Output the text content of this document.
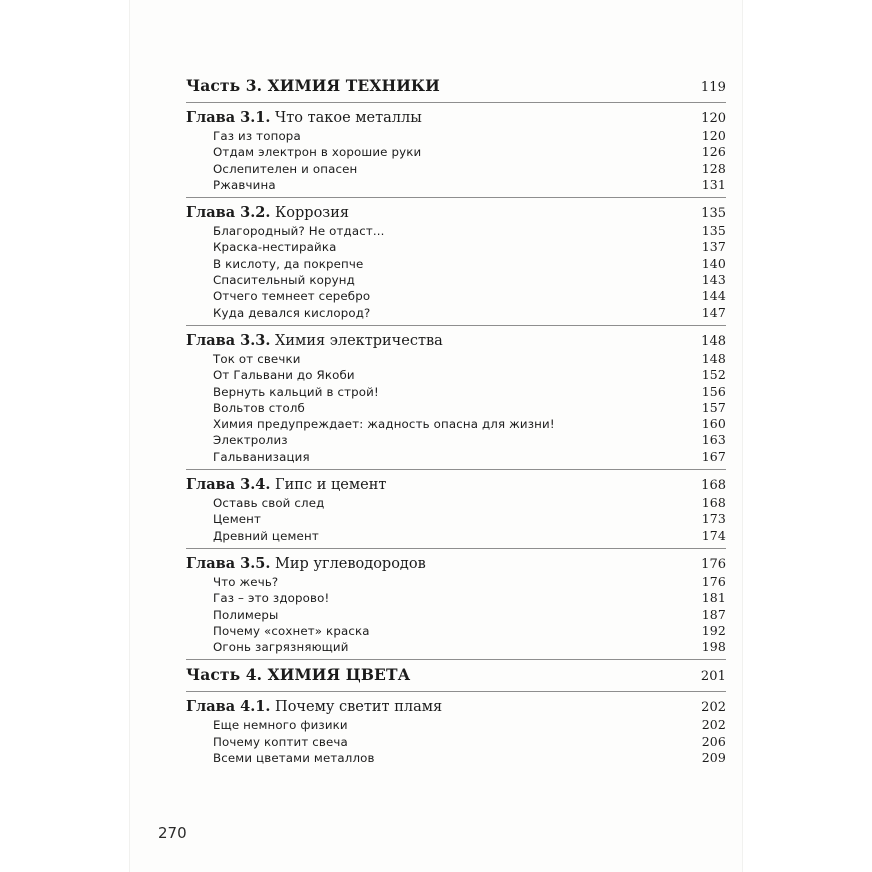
Часть 3. ХИМИЯ ТЕХНИКИ	119
Глава 3.1. Что такое металлы	120
Газ из топора	120
Отдам электрон в хорошие руки	126
Ослепителен и опасен	128
Ржавчина	131
Глава 3.2. Коррозия	135
Благородный? Не отдаст...	135
Краска-нестирайка	137
В кислоту, да покрепче	140
Спасительный корунд	143
Отчего темнеет серебро	144
Куда девался кислород?	147
Глава 3.3. Химия электричества	148
Ток от свечки	148
От Гальвани до Якоби	152
Вернуть кальций в строй!	156
Вольтов столб	157
Химия предупреждает: жадность опасна для жизни!	160
Электролиз	163
Гальванизация	167
Глава 3.4. Гипс и цемент	168
Оставь свой след	168
Цемент	173
Древний цемент	174
Глава 3.5. Мир углеводородов	176
Что жечь?	176
Газ – это здорово!	181
Полимеры	187
Почему «сохнет» краска	192
Огонь загрязняющий	198
Часть 4. ХИМИЯ ЦВЕТА	201
Глава 4.1. Почему светит пламя	202
Еще немного физики	202
Почему коптит свеча	206
Всеми цветами металлов	209
270
